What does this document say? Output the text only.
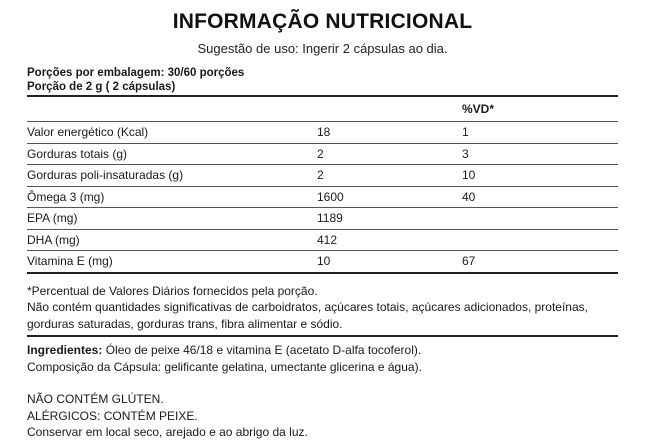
INFORMAÇÃO NUTRICIONAL
Sugestão de uso: Ingerir 2 cápsulas ao dia.
Porções por embalagem: 30/60 porções
Porção de 2 g ( 2 cápsulas)
		%VD*
Valor energético (Kcal)	18	1
Gorduras totais (g)	2	3
Gorduras poli-insaturadas (g)	2	10
Ômega 3 (mg)	1600	40
EPA (mg)	1189	
DHA (mg)	412	
Vitamina E (mg)	10	67
*Percentual de Valores Diários fornecidos pela porção.
Não contém quantidades significativas de carboidratos, açúcares totais, açúcares adicionados, proteínas,
gorduras saturadas, gorduras trans, fibra alimentar e sódio.
Ingredientes: Óleo de peixe 46/18 e vitamina E (acetato D-alfa tocoferol).
Composição da Cápsula: gelificante gelatina, umectante glicerina e água).
NÃO CONTÉM GLÚTEN.
ALÉRGICOS: CONTÉM PEIXE.
Conservar em local seco, arejado e ao abrigo da luz.
